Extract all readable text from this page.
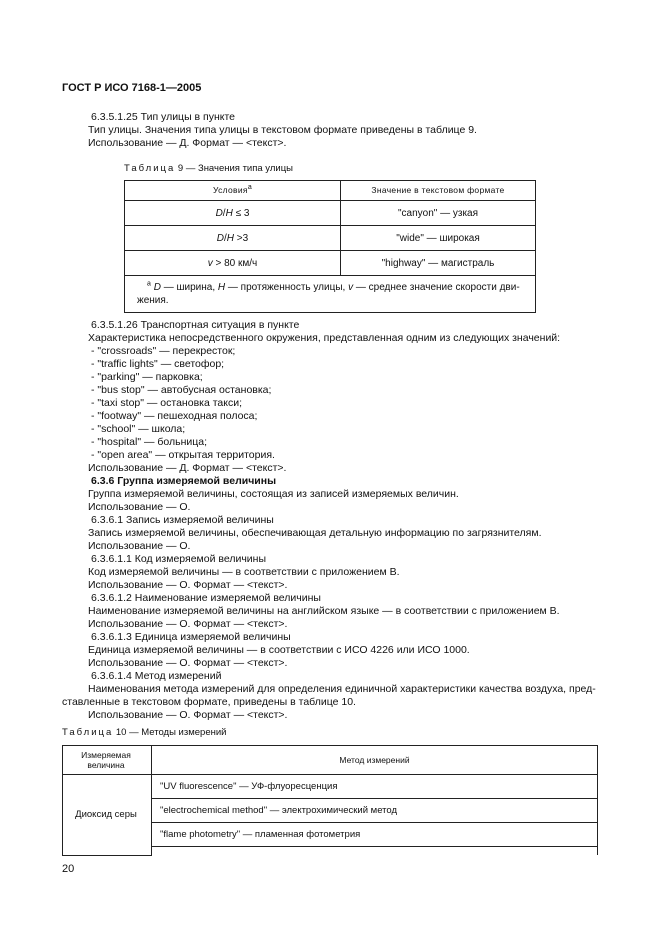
ГОСТ Р ИСО 7168-1—2005
6.3.5.1.25 Тип улицы в пункте
Тип улицы. Значения типа улицы в текстовом формате приведены в таблице 9.
Использование — Д. Формат — <текст>.
Таблица 9 — Значения типа улицы
Условия$^a$	Значение в текстовом формате
D/H ≤ 3	"canyon" — узкая
D/H >3	"wide" — широкая
v > 80 км/ч	"highway" — магистраль
$^a$ D — ширина, H — протяженность улицы, v — среднее значение скорости дви-
жения.	
6.3.5.1.26 Транспортная ситуация в пункте
Характеристика непосредственного окружения, представленная одним из следующих значений:
- "crossroads" — перекресток;
- "traffic lights" — светофор;
- "parking" — парковка;
- "bus stop" — автобусная остановка;
- "taxi stop" — остановка такси;
- "footway" — пешеходная полоса;
- "school" — школа;
- "hospital" — больница;
- "open area" — открытая территория.
Использование — Д. Формат — <текст>.
6.3.6 Группа измеряемой величины
Группа измеряемой величины, состоящая из записей измеряемых величин.
Использование — О.
6.3.6.1 Запись измеряемой величины
Запись измеряемой величины, обеспечивающая детальную информацию по загрязнителям.
Использование — О.
6.3.6.1.1 Код измеряемой величины
Код измеряемой величины — в соответствии с приложением В.
Использование — О. Формат — <текст>.
6.3.6.1.2 Наименование измеряемой величины
Наименование измеряемой величины на английском языке — в соответствии с приложением В.
Использование — О. Формат — <текст>.
6.3.6.1.3 Единица измеряемой величины
Единица измеряемой величины — в соответствии с ИСО 4226 или ИСО 1000.
Использование — О. Формат — <текст>.
6.3.6.1.4 Метод измерений
Наименования метода измерений для определения единичной характеристики качества воздуха, пред-
ставленные в текстовом формате, приведены в таблице 10.
Использование — О. Формат — <текст>.
Таблица 10 — Методы измерений
Измеряемая
величина	Метод измерений
Диоксид серы	"UV fluorescence" — УФ-флуоресценция
	"electrochemical method" — электрохимический метод
	"flame photometry" — пламенная фотометрия

20
